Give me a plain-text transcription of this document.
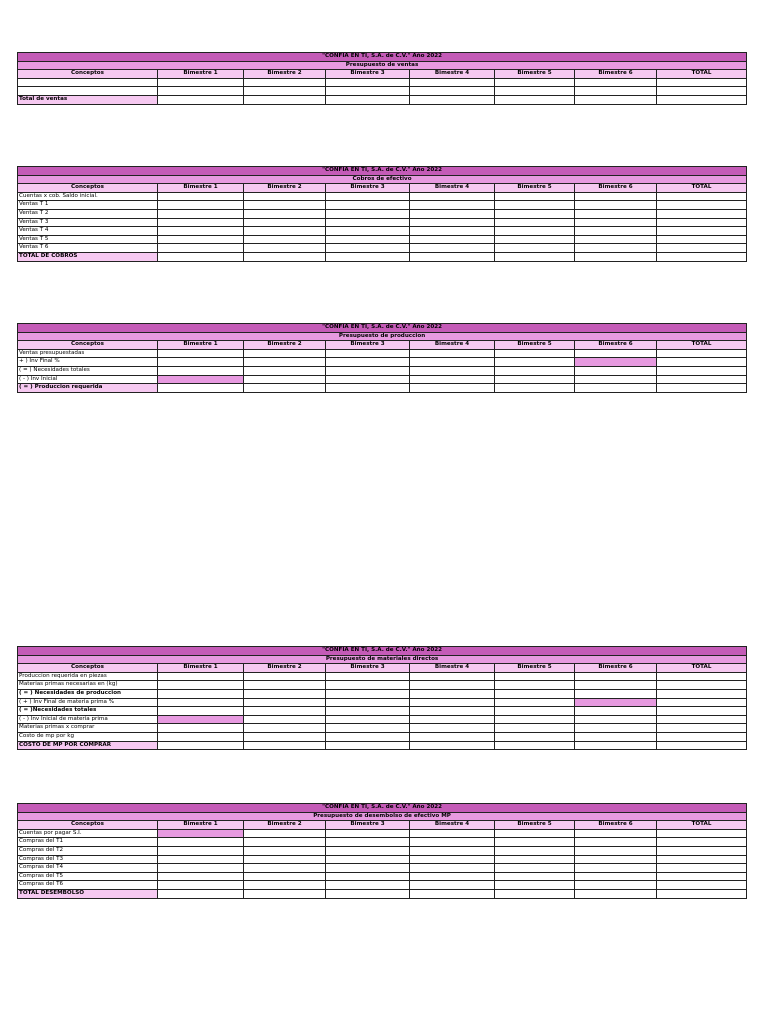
"CONFIA EN TI, S.A. de C.V." Año 2022							
Presupuesto de ventas							
Conceptos	Bimestre 1	Bimestre 2	Bimestre 3	Bimestre 4	Bimestre 5	Bimestre 6	TOTAL

Total de ventas							
"CONFIA EN TI, S.A. de C.V." Año 2022							
Cobros de efectivo							
Conceptos	Bimestre 1	Bimestre 2	Bimestre 3	Bimestre 4	Bimestre 5	Bimestre 6	TOTAL
Cuentas x cob. Saldo inicial.							
Ventas T 1							
Ventas T 2							
Ventas T 3							
Ventas T 4							
Ventas T 5							
Ventas T 6							
TOTAL DE COBROS							
"CONFIA EN TI, S.A. de C.V." Año 2022							
Presupuesto de produccion							
Conceptos	Bimestre 1	Bimestre 2	Bimestre 3	Bimestre 4	Bimestre 5	Bimestre 6	TOTAL
Ventas presupuestadas							
+ ) Inv Final %							
( = ) Necesidades totales							
( - ) Inv Inicial							
( = ) Produccion requerida							
"CONFIA EN TI, S.A. de C.V." Año 2022							
Presupuesto de materiales directos							
Conceptos	Bimestre 1	Bimestre 2	Bimestre 3	Bimestre 4	Bimestre 5	Bimestre 6	TOTAL
Produccion requerida en piezas							
Materias primas necesarias en (kg)							
( = ) Necesidades de produccion							
( + ) Inv Final de materia prima %							
( = )Necesidades totales							
( - ) Inv Inicial de materia prima							
Materias primas x comprar							
Costo de mp por kg							
COSTO DE MP POR COMPRAR							
"CONFIA EN TI, S.A. de C.V." Año 2022							
Presupuesto de desembolso de efectivo MP							
Conceptos	Bimestre 1	Bimestre 2	Bimestre 3	Bimestre 4	Bimestre 5	Bimestre 6	TOTAL
Cuentas por pagar S.I.							
Compras del T1							
Compras del T2							
Compras del T3							
Compras del T4							
Compras del T5							
Compras del T6							
TOTAL DESEMBOLSO							
